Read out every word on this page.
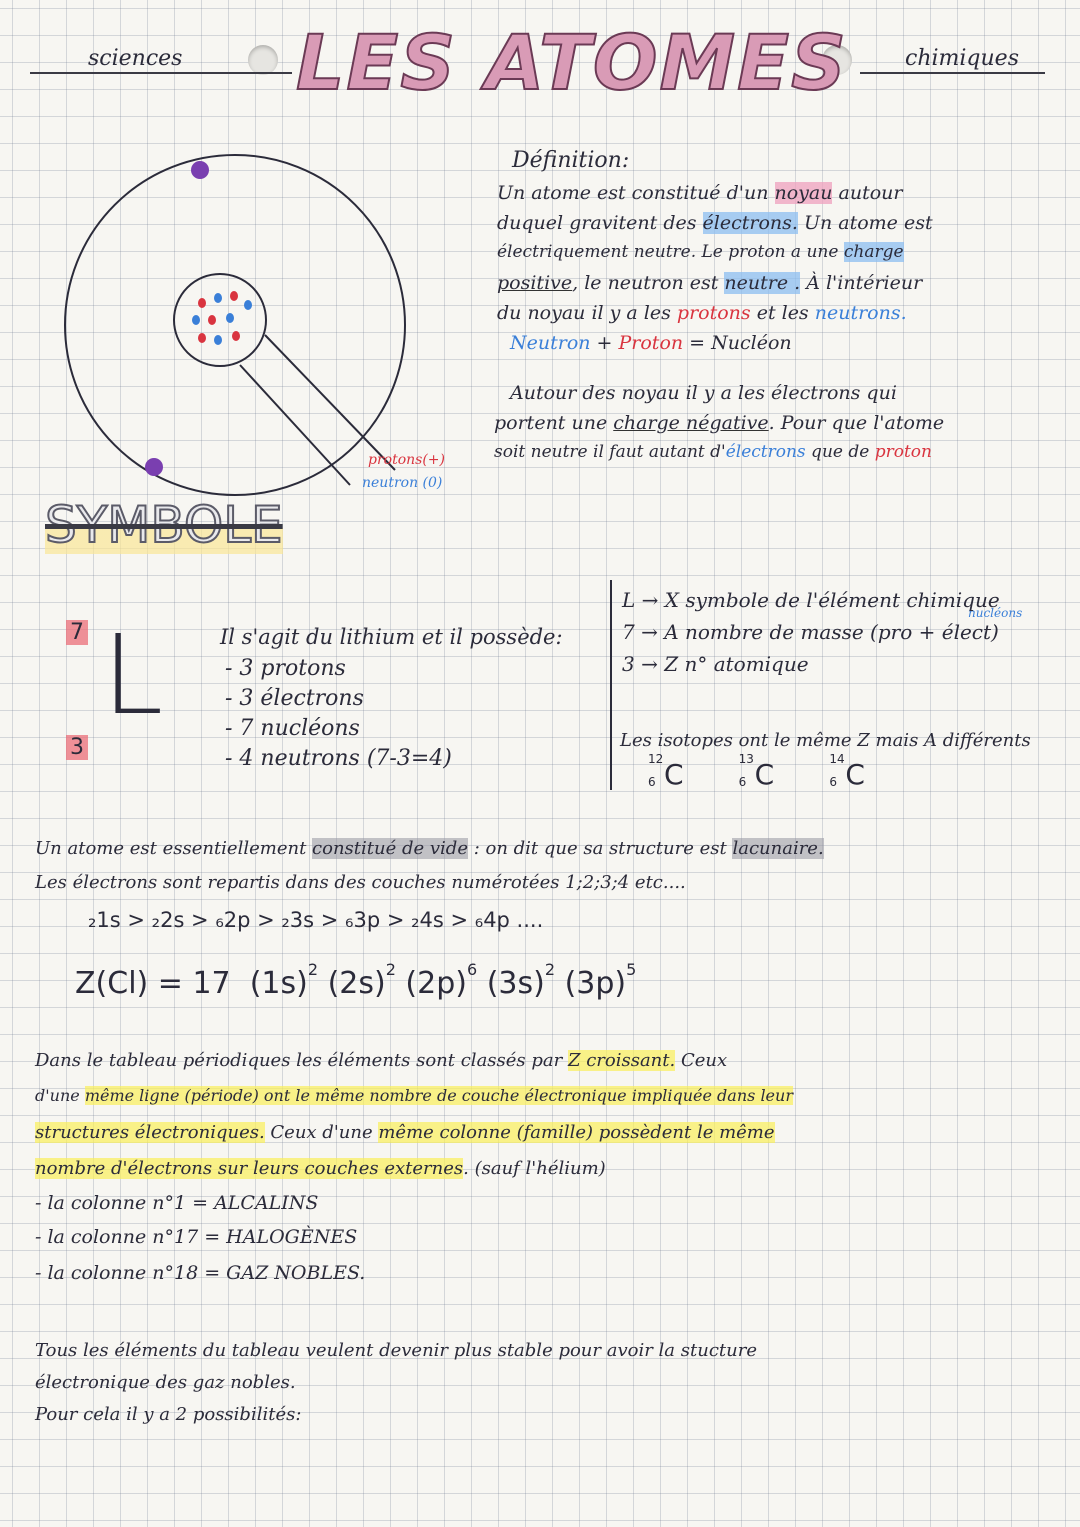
sciences LES ATOMES	chimiques
protons(+)
neutron (0)
Définition:
Un atome est constitué d'un noyau autour
duquel gravitent des électrons. Un atome est
électriquement neutre. Le proton a une charge
positive, le neutron est neutre . À l'intérieur
du noyau il y a les protons et les neutrons.
Neutron + Proton = Nucléon
Autour des noyau il y a les électrons qui
portent une charge négative. Pour que l'atome
soit neutre il faut autant d'électrons que de proton
SYMBOLE
7 L
3
Il s'agit du lithium et il possède:
- 3 protons
- 3 électrons
- 7 nucléons
- 4 neutrons (7-3=4)
nucléons
L → X symbole de l'élément chimique
7 → A nombre de masse (pro + élect)
3 → Z n° atomique
Les isotopes ont le même Z mais A différents
12
6 C	13
6 C	14
6 C
Un atome est essentiellement constitué de vide : on dit que sa structure est lacunaire.
Les électrons sont repartis dans des couches numérotées 1;2;3;4 etc....
₂1s > ₂2s > ₆2p > ₂3s > ₆3p > ₂4s > ₆4p ....
Z(Cl) = 17 $(1s)^2$ $(2s)^2$ $(2p)^6$ $(3s)^2$ $(3p)^5$
Dans le tableau périodiques les éléments sont classés par Z croissant. Ceux
d'une même ligne (période) ont le même nombre de couche électronique impliquée dans leur
structures électroniques. Ceux d'une même colonne (famille) possèdent le même
nombre d'électrons sur leurs couches externes. (sauf l'hélium)
- la colonne n°1 = ALCALINS
- la colonne n°17 = HALOGÈNES
- la colonne n°18 = GAZ NOBLES.
Tous les éléments du tableau veulent devenir plus stable pour avoir la stucture
électronique des gaz nobles.
Pour cela il y a 2 possibilités:
